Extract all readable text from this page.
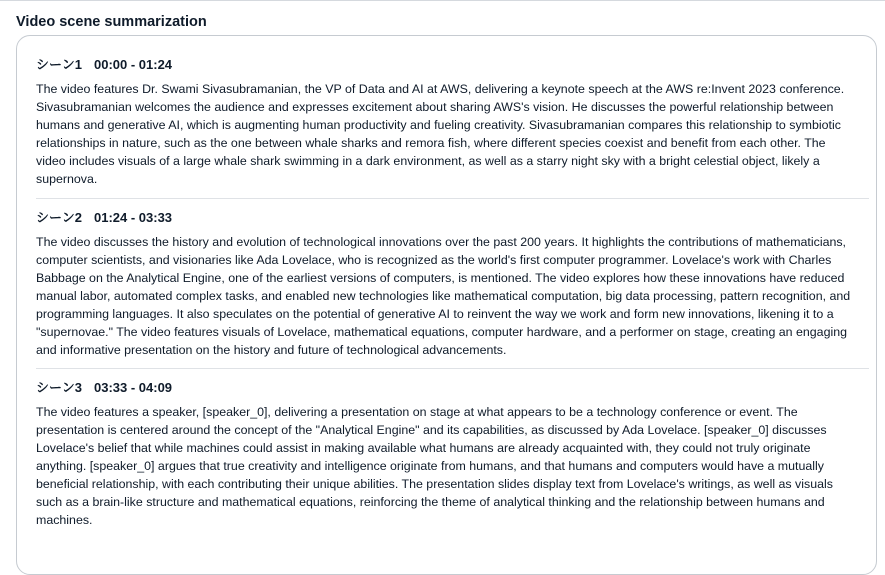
Video scene summarization
シーン1 00:00 - 01:24
The video features Dr. Swami Sivasubramanian, the VP of Data and AI at AWS, delivering a keynote speech at the AWS re:Invent 2023 conference. Sivasubramanian welcomes the audience and expresses excitement about sharing AWS's vision. He discusses the powerful relationship between humans and generative AI, which is augmenting human productivity and fueling creativity. Sivasubramanian compares this relationship to symbiotic relationships in nature, such as the one between whale sharks and remora fish, where different species coexist and benefit from each other. The video includes visuals of a large whale shark swimming in a dark environment, as well as a starry night sky with a bright celestial object, likely a supernova.
シーン2 01:24 - 03:33
The video discusses the history and evolution of technological innovations over the past 200 years. It highlights the contributions of mathematicians, computer scientists, and visionaries like Ada Lovelace, who is recognized as the world's first computer programmer. Lovelace's work with Charles Babbage on the Analytical Engine, one of the earliest versions of computers, is mentioned. The video explores how these innovations have reduced manual labor, automated complex tasks, and enabled new technologies like mathematical computation, big data processing, pattern recognition, and programming languages. It also speculates on the potential of generative AI to reinvent the way we work and form new innovations, likening it to a "supernovae." The video features visuals of Lovelace, mathematical equations, computer hardware, and a performer on stage, creating an engaging and informative presentation on the history and future of technological advancements.
シーン3 03:33 - 04:09
The video features a speaker, [speaker_0], delivering a presentation on stage at what appears to be a technology conference or event. The presentation is centered around the concept of the "Analytical Engine" and its capabilities, as discussed by Ada Lovelace. [speaker_0] discusses Lovelace's belief that while machines could assist in making available what humans are already acquainted with, they could not truly originate anything. [speaker_0] argues that true creativity and intelligence originate from humans, and that humans and computers would have a mutually beneficial relationship, with each contributing their unique abilities. The presentation slides display text from Lovelace's writings, as well as visuals such as a brain-like structure and mathematical equations, reinforcing the theme of analytical thinking and the relationship between humans and machines.
